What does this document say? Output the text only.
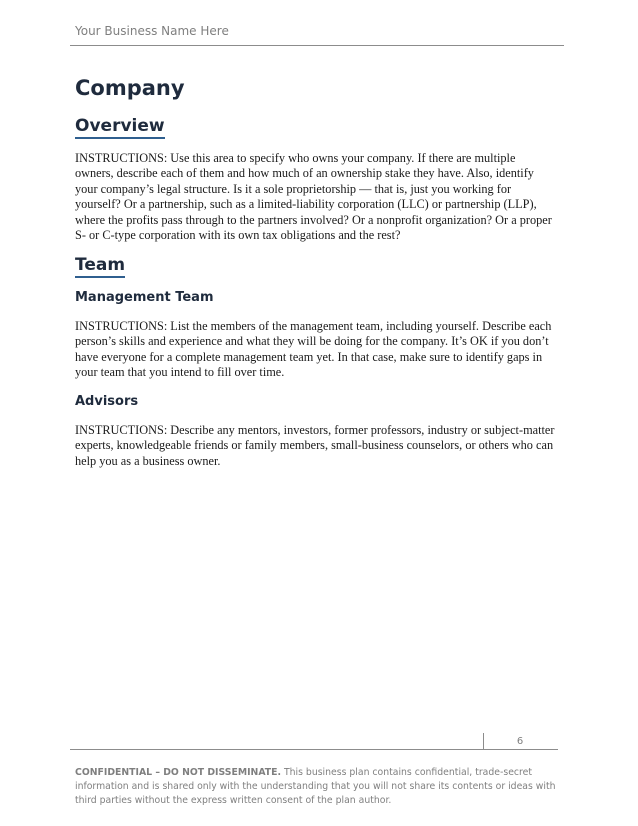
Your Business Name Here
Company
Overview

INSTRUCTIONS: Use this area to specify who owns your company. If there are multiple
owners, describe each of them and how much of an ownership stake they have. Also, identify
your company’s legal structure. Is it a sole proprietorship — that is, just you working for
yourself? Or a partnership, such as a limited-liability corporation (LLC) or partnership (LLP),
where the profits pass through to the partners involved? Or a nonprofit organization? Or a proper
S- or C-type corporation with its own tax obligations and the rest?

Team
Management Team

INSTRUCTIONS: List the members of the management team, including yourself. Describe each
person’s skills and experience and what they will be doing for the company. It’s OK if you don’t
have everyone for a complete management team yet. In that case, make sure to identify gaps in
your team that you intend to fill over time.

Advisors

INSTRUCTIONS: Describe any mentors, investors, former professors, industry or subject-matter
experts, knowledgeable friends or family members, small-business counselors, or others who can
help you as a business owner.

6

CONFIDENTIAL – DO NOT DISSEMINATE. This business plan contains confidential, trade-secret
information and is shared only with the understanding that you will not share its contents or ideas with
third parties without the express written consent of the plan author.
